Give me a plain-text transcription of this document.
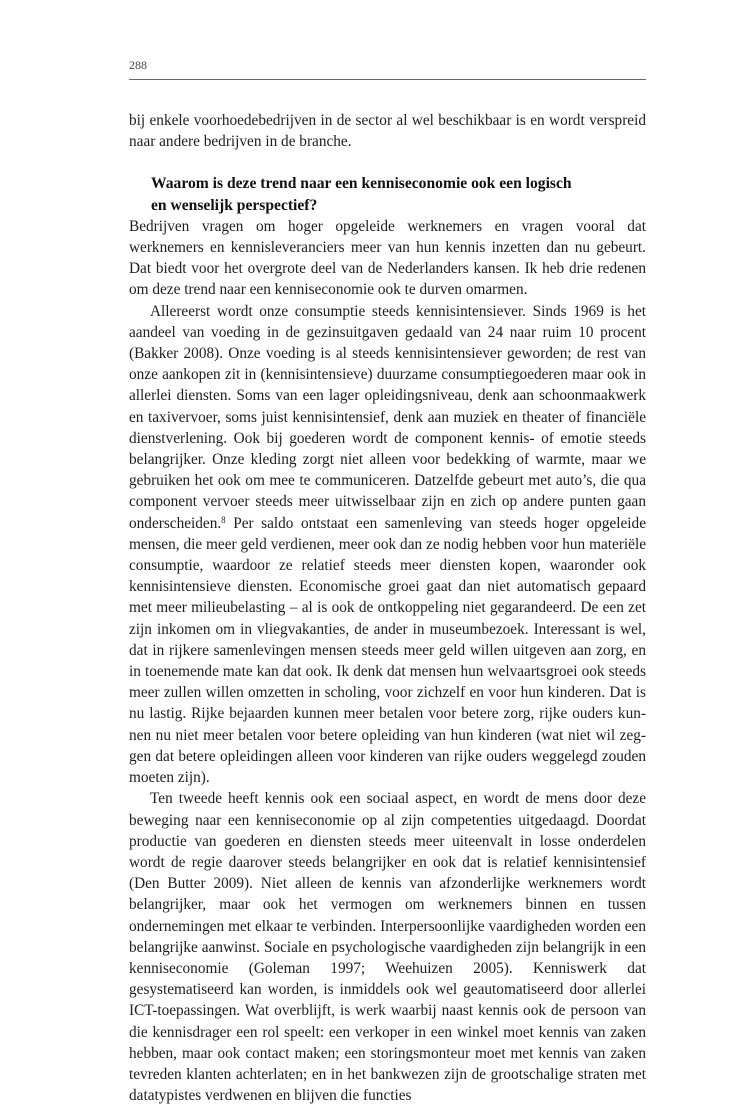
288

bij enkele voorhoedebedrijven in de sector al wel beschikbaar is en wordt verspreid naar andere bedrijven in de branche.

Waarom is deze trend naar een kenniseconomie ook een logisch en wenselijk perspectief?

Bedrijven vragen om hoger opgeleide werknemers en vragen vooral dat werknemers en kennisleveranciers meer van hun kennis inzetten dan nu gebeurt. Dat biedt voor het overgrote deel van de Nederlanders kansen. Ik heb drie redenen om deze trend naar een kenniseconomie ook te durven omarmen.

Allereerst wordt onze consumptie steeds kennisintensiever. Sinds 1969 is het aandeel van voeding in de gezinsuitgaven gedaald van 24 naar ruim 10 procent (Bakker 2008). Onze voeding is al steeds kennisintensiever geworden; de rest van onze aankopen zit in (kennisintensieve) duurzame consumptiegoederen maar ook in allerlei diensten. Soms van een lager opleidingsniveau, denk aan schoonmaakwerk en taxivervoer, soms juist kennisintensief, denk aan muziek en theater of financiële dienstverlening. Ook bij goederen wordt de component kennis- of emotie steeds belangrijker. Onze kleding zorgt niet alleen voor bedekking of warmte, maar we gebruiken het ook om mee te communiceren. Datzelfde gebeurt met auto’s, die qua component vervoer steeds meer uitwisselbaar zijn en zich op andere punten gaan onderscheiden.$^8$ Per saldo ontstaat een samenleving van steeds hoger opgeleide mensen, die meer geld verdienen, meer ook dan ze nodig hebben voor hun materiële consumptie, waardoor ze relatief steeds meer diensten kopen, waaronder ook kennisintensieve diensten. Economische groei gaat dan niet automatisch gepaard met meer milieubelasting – al is ook de ontkoppeling niet gegarandeerd. De een zet zijn inkomen om in vliegvakanties, de ander in museumbezoek. Interessant is wel, dat in rijkere samenlevingen mensen steeds meer geld willen uitgeven aan zorg, en in toenemende mate kan dat ook. Ik denk dat mensen hun welvaartsgroei ook steeds meer zullen willen omzetten in scholing, voor zichzelf en voor hun kinderen. Dat is nu lastig. Rijke bejaarden kunnen meer betalen voor betere zorg, rijke ouders kunnen nu niet meer betalen voor betere opleiding van hun kinderen (wat niet wil zeggen dat betere opleidingen alleen voor kinderen van rijke ouders weggelegd zouden moeten zijn).

Ten tweede heeft kennis ook een sociaal aspect, en wordt de mens door deze beweging naar een kenniseconomie op al zijn competenties uitgedaagd. Doordat productie van goederen en diensten steeds meer uiteenvalt in losse onderdelen wordt de regie daarover steeds belangrijker en ook dat is relatief kennisintensief (Den Butter 2009). Niet alleen de kennis van afzonderlijke werknemers wordt belangrijker, maar ook het vermogen om werknemers binnen en tussen ondernemingen met elkaar te verbinden. Interpersoonlijke vaardigheden worden een belangrijke aanwinst. Sociale en psychologische vaardigheden zijn belangrijk in een kenniseconomie (Goleman 1997; Weehuizen 2005). Kenniswerk dat gesystematiseerd kan worden, is inmiddels ook wel geautomatiseerd door allerlei ICT-toepassingen. Wat overblijft, is werk waarbij naast kennis ook de persoon van die kennisdrager een rol speelt: een verkoper in een winkel moet kennis van zaken hebben, maar ook contact maken; een storingsmonteur moet met kennis van zaken tevreden klanten achterlaten; en in het bankwezen zijn de grootschalige straten met datatypistes verdwenen en blijven die functies
